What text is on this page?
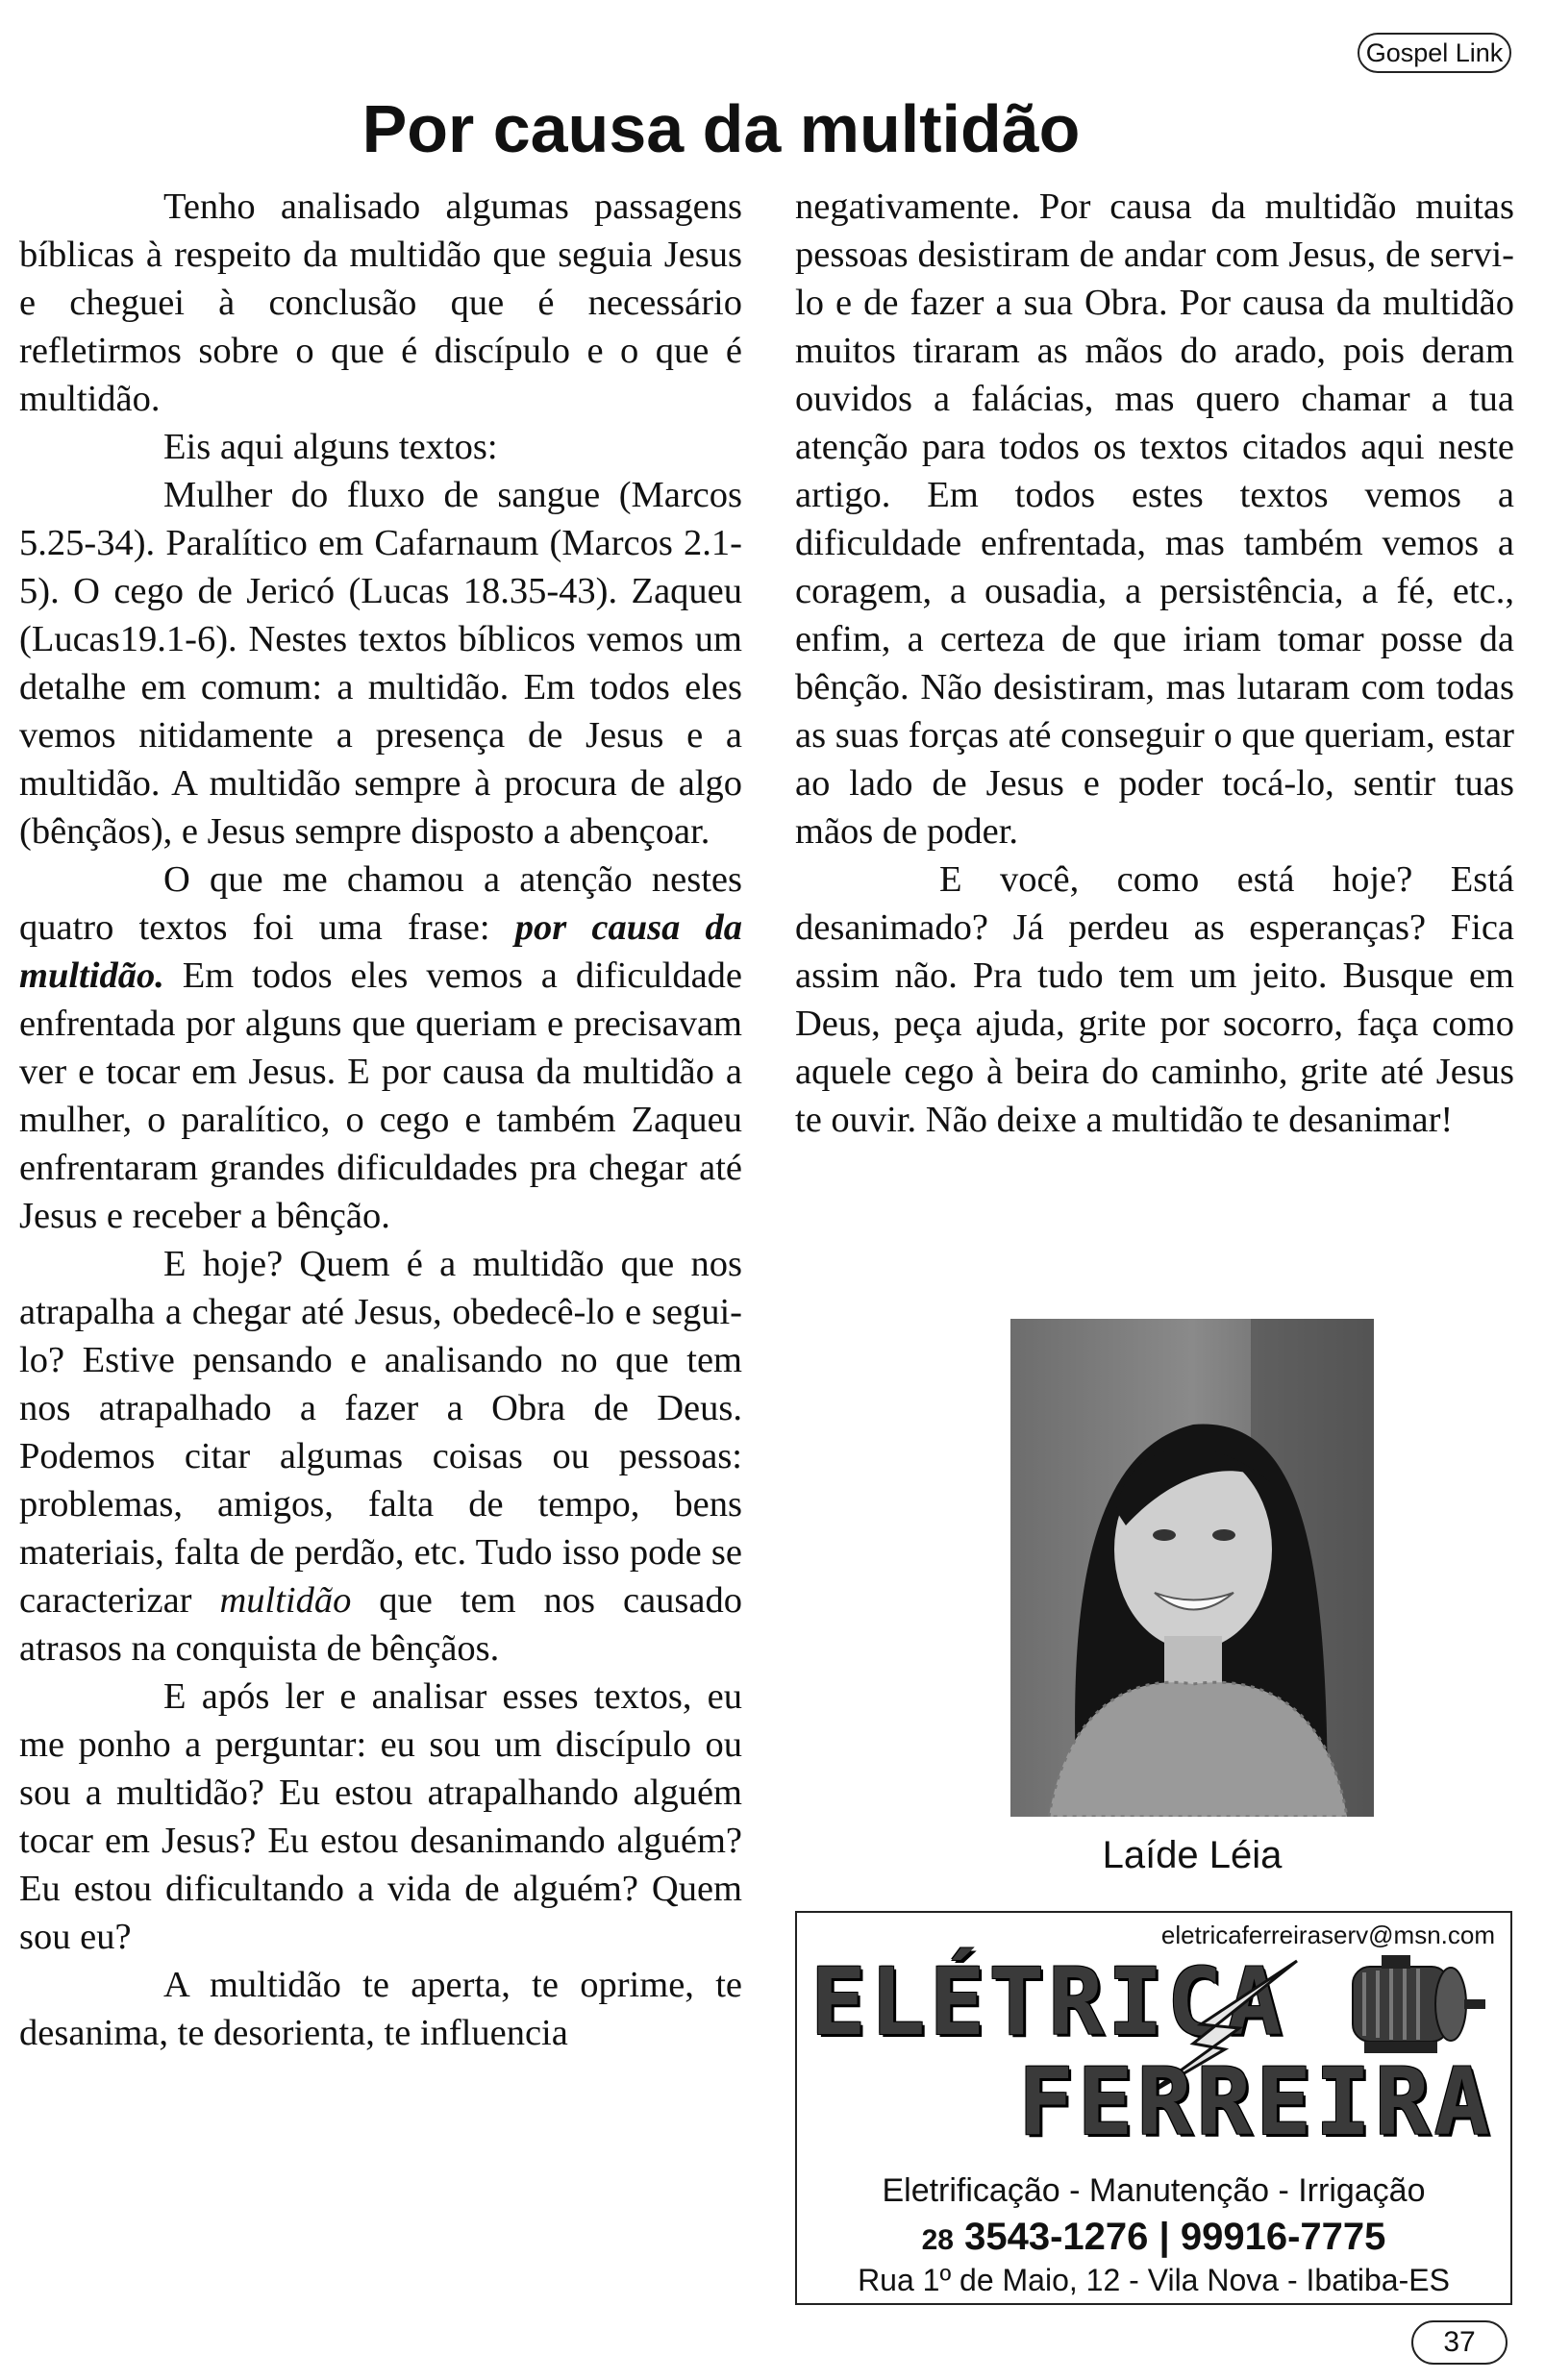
Gospel Link
Por causa da multidão

Tenho analisado algumas passagens bíblicas à respeito da multidão que seguia Jesus e cheguei à conclusão que é necessário refletirmos sobre o que é discípulo e o que é multidão.

Eis aqui alguns textos:

Mulher do fluxo de sangue (Marcos 5.25-34). Paralítico em Cafarnaum (Marcos 2.1-5). O cego de Jericó (Lucas 18.35-43). Zaqueu (Lucas19.1-6). Nestes textos bíblicos vemos um detalhe em comum: a multidão. Em todos eles vemos nitidamente a presença de Jesus e a multidão. A multidão sempre à procura de algo (bênçãos), e Jesus sempre disposto a abençoar.

O que me chamou a atenção nestes quatro textos foi uma frase: por causa da multidão. Em todos eles vemos a dificuldade enfrentada por alguns que queriam e precisavam ver e tocar em Jesus. E por causa da multidão a mulher, o paralítico, o cego e também Zaqueu enfrentaram grandes dificuldades pra chegar até Jesus e receber a bênção.

E hoje? Quem é a multidão que nos atrapalha a chegar até Jesus, obedecê-lo e segui-lo? Estive pensando e analisando no que tem nos atrapalhado a fazer a Obra de Deus. Podemos citar algumas coisas ou pessoas: problemas, amigos, falta de tempo, bens materiais, falta de perdão, etc. Tudo isso pode se caracterizar multidão que tem nos causado atrasos na conquista de bênçãos.

E após ler e analisar esses textos, eu me ponho a perguntar: eu sou um discípulo ou sou a multidão? Eu estou atrapalhando alguém tocar em Jesus? Eu estou desanimando alguém? Eu estou dificultando a vida de alguém? Quem sou eu?

A multidão te aperta, te oprime, te desanima, te desorienta, te influencia

negativamente. Por causa da multidão muitas pessoas desistiram de andar com Jesus, de servi-lo e de fazer a sua Obra. Por causa da multidão muitos tiraram as mãos do arado, pois deram ouvidos a falácias, mas quero chamar a tua atenção para todos os textos citados aqui neste artigo. Em todos estes textos vemos a dificuldade enfrentada, mas também vemos a coragem, a ousadia, a persistência, a fé, etc., enfim, a certeza de que iriam tomar posse da bênção. Não desistiram, mas lutaram com todas as suas forças até conseguir o que queriam, estar ao lado de Jesus e poder tocá-lo, sentir tuas mãos de poder.

E você, como está hoje? Está desanimado? Já perdeu as esperanças? Fica assim não. Pra tudo tem um jeito. Busque em Deus, peça ajuda, grite por socorro, faça como aquele cego à beira do caminho, grite até Jesus te ouvir. Não deixe a multidão te desanimar!

Laíde Léia
eletricaferreiraserv@msn.com
ELÉTRICA
FERREIRA
Eletrificação - Manutenção - Irrigação
28 3543-1276 | 99916-7775
Rua 1º de Maio, 12 - Vila Nova - Ibatiba-ES
37
